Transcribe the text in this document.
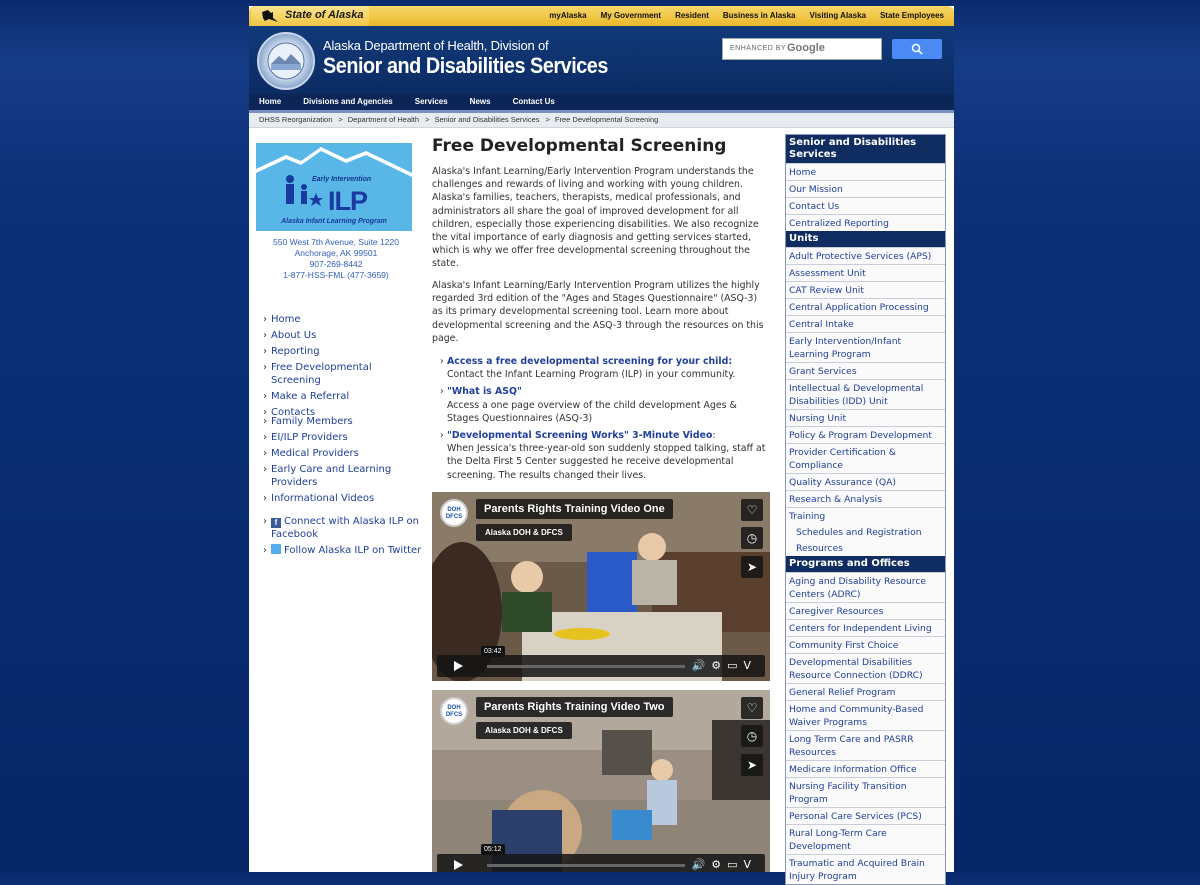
State of Alaska	myAlaska My Government Resident Business in Alaska Visiting Alaska State Employees
Alaska Department of Health, Division of
Senior and Disabilities Services
ENHANCED BY Google
Home	Divisions and Agencies	Services	News	Contact Us
DHSS Reorganization > Department of Health > Senior and Disabilities Services > Free Developmental Screening
Early Intervention
ILP
Alaska Infant Learning Program
550 West 7th Avenue, Suite 1220
Anchorage, AK 99501
907-269-8442
1-877-HSS-FML (477-3659)
› Home
› About Us
› Reporting
› Free Developmental Screening
› Make a Referral
› Contacts
› Family Members
› EI/ILP Providers
› Medical Providers
› Early Care and Learning Providers
› Informational Videos
› f Connect with Alaska ILP on Facebook
› Follow Alaska ILP on Twitter
Free Developmental Screening
Alaska's Infant Learning/Early Intervention Program understands the challenges and rewards of living and working with young children. Alaska's families, teachers, therapists, medical professionals, and administrators all share the goal of improved development for all children, especially those experiencing disabilities. We also recognize the vital importance of early diagnosis and getting services started, which is why we offer free developmental screening throughout the state.
Alaska's Infant Learning/Early Intervention Program utilizes the highly regarded 3rd edition of the "Ages and Stages Questionnaire" (ASQ-3) as its primary developmental screening tool. Learn more about developmental screening and the ASQ-3 through the resources on this page.
› Access a free developmental screening for your child:
Contact the Infant Learning Program (ILP) in your community.
› "What is ASQ"
Access a one page overview of the child development Ages & Stages Questionnaires (ASQ-3)
› "Developmental Screening Works" 3-Minute Video:
When Jessica's three-year-old son suddenly stopped talking, staff at the Delta First 5 Center suggested he receive developmental screening. The results changed their lives.
DOH DFCS
Parents Rights Training Video One
Alaska DOH & DFCS
♡
◷
➤
03:42
🔊⚙▭V
DOH DFCS
Parents Rights Training Video Two
Alaska DOH & DFCS
♡
◷
➤
05:12
🔊⚙▭V
Senior and Disabilities Services
Home
Our Mission
Contact Us
Centralized Reporting
Units
Adult Protective Services (APS)
Assessment Unit
CAT Review Unit
Central Application Processing
Central Intake
Early Intervention/Infant Learning Program
Grant Services
Intellectual & Developmental Disabilities (IDD) Unit
Nursing Unit
Policy & Program Development
Provider Certification & Compliance
Quality Assurance (QA)
Research & Analysis
Training
Schedules and Registration
Resources
Programs and Offices
Aging and Disability Resource Centers (ADRC)
Caregiver Resources
Centers for Independent Living
Community First Choice
Developmental Disabilities Resource Connection (DDRC)
General Relief Program
Home and Community-Based Waiver Programs
Long Term Care and PASRR Resources
Medicare Information Office
Nursing Facility Transition Program
Personal Care Services (PCS)
Rural Long-Term Care Development
Traumatic and Acquired Brain Injury Program
